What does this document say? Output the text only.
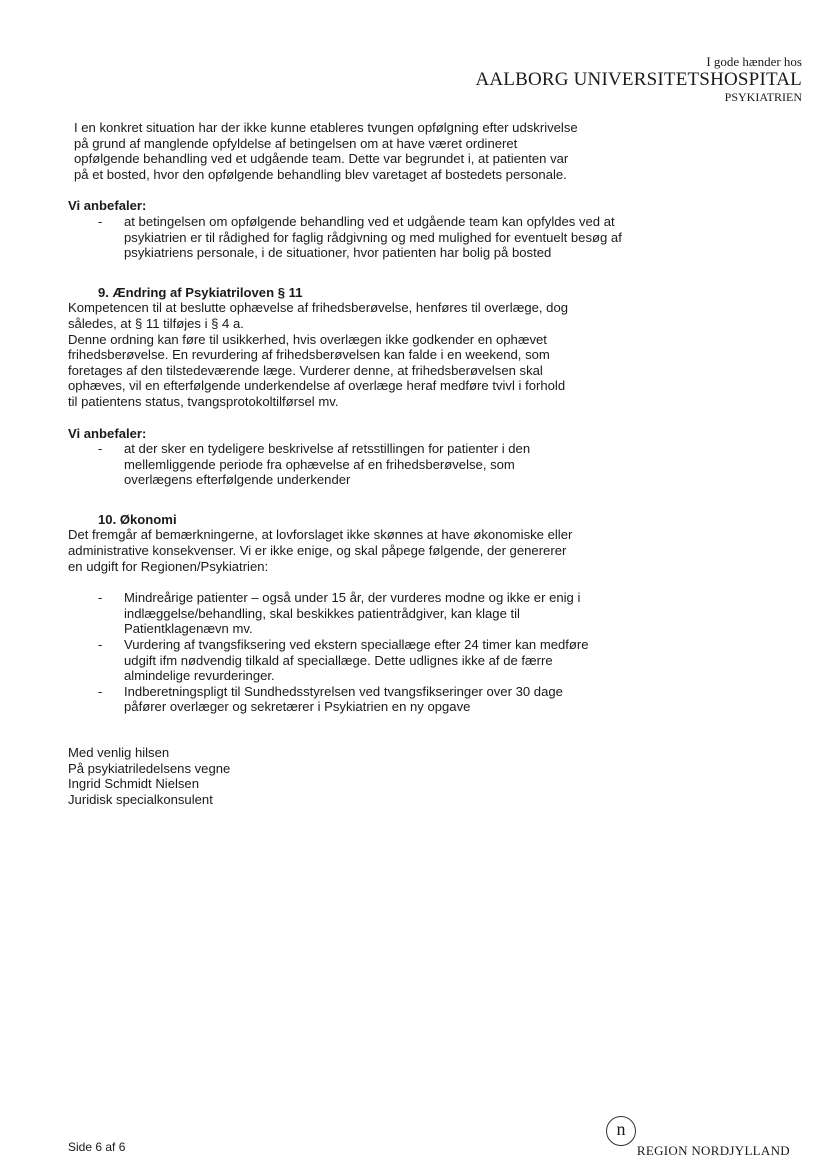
I gode hænder hos
AALBORG UNIVERSITETSHOSPITAL
PSYKIATRIEN

I en konkret situation har der ikke kunne etableres tvungen opfølgning efter udskrivelse

på grund af manglende opfyldelse af betingelsen om at have været ordineret

opfølgende behandling ved et udgående team. Dette var begrundet i, at patienten var

på et bosted, hvor den opfølgende behandling blev varetaget af bostedets personale.

Vi anbefaler:

- at betingelsen om opfølgende behandling ved et udgående team kan opfyldes ved at psykiatrien er til rådighed for faglig rådgivning og med mulighed for eventuelt besøg af psykiatriens personale, i de situationer, hvor patienten har bolig på bosted

9. Ændring af Psykiatriloven § 11

Kompetencen til at beslutte ophævelse af frihedsberøvelse, henføres til overlæge, dog

således, at § 11 tilføjes i § 4 a.

Denne ordning kan føre til usikkerhed, hvis overlægen ikke godkender en ophævet

frihedsberøvelse. En revurdering af frihedsberøvelsen kan falde i en weekend, som

foretages af den tilstedeværende læge. Vurderer denne, at frihedsberøvelsen skal

ophæves, vil en efterfølgende underkendelse af overlæge heraf medføre tvivl i forhold

til patientens status, tvangsprotokoltilførsel mv.

Vi anbefaler:

- at der sker en tydeligere beskrivelse af retsstillingen for patienter i den mellemliggende periode fra ophævelse af en frihedsberøvelse, som overlægens efterfølgende underkender

10. Økonomi

Det fremgår af bemærkningerne, at lovforslaget ikke skønnes at have økonomiske eller

administrative konsekvenser. Vi er ikke enige, og skal påpege følgende, der genererer

en udgift for Regionen/Psykiatrien:

- Mindreårige patienter – også under 15 år, der vurderes modne og ikke er enig i indlæggelse/behandling, skal beskikkes patientrådgiver, kan klage til Patientklagenævn mv.
- Vurdering af tvangsfiksering ved ekstern speciallæge efter 24 timer kan medføre udgift ifm nødvendig tilkald af speciallæge. Dette udlignes ikke af de færre almindelige revurderinger.
- Indberetningspligt til Sundhedsstyrelsen ved tvangsfikseringer over 30 dage påfører overlæger og sekretærer i Psykiatrien en ny opgave

Med venlig hilsen

På psykiatriledelsens vegne

Ingrid Schmidt Nielsen

Juridisk specialkonsulent

Side 6 af 6
n
REGION NORDJYLLAND
